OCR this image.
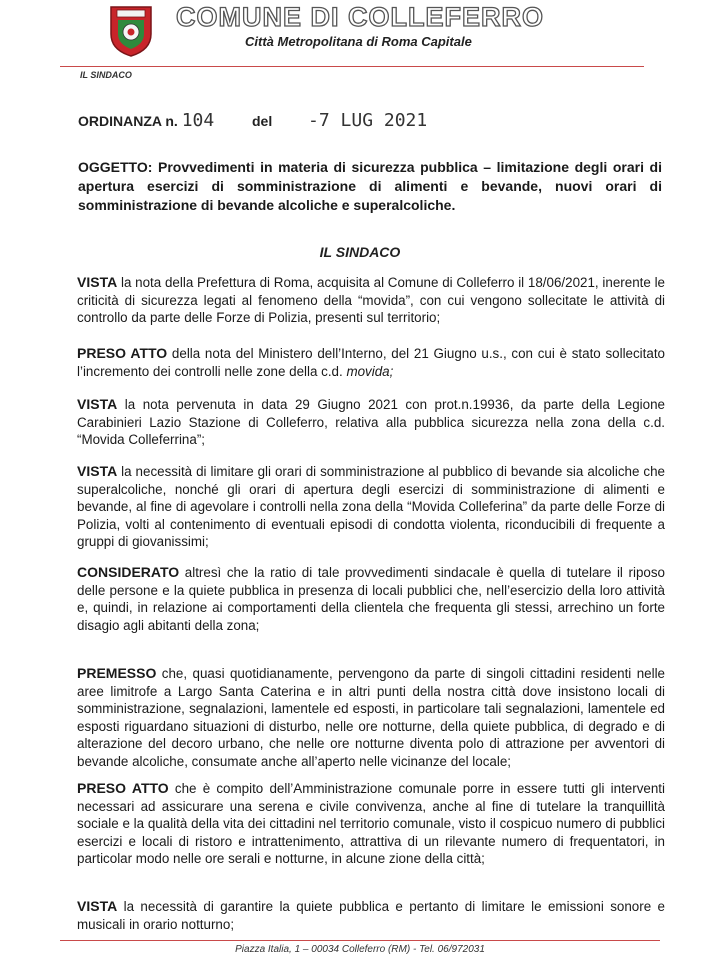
COMUNE DI COLLEFERRO
Città Metropolitana di Roma Capitale
IL SINDACO
ORDINANZA n. 104	del -7 LUG 2021
OGGETTO: Provvedimenti in materia di sicurezza pubblica – limitazione degli orari di apertura esercizi di somministrazione di alimenti e bevande, nuovi orari di somministrazione di bevande alcoliche e superalcoliche.
IL SINDACO
VISTA la nota della Prefettura di Roma, acquisita al Comune di Colleferro il 18/06/2021, inerente le criticità di sicurezza legati al fenomeno della “movida”, con cui vengono sollecitate le attività di controllo da parte delle Forze di Polizia, presenti sul territorio;
PRESO ATTO della nota del Ministero dell’Interno, del 21 Giugno u.s., con cui è stato sollecitato l’incremento dei controlli nelle zone della c.d. movida;
VISTA la nota pervenuta in data 29 Giugno 2021 con prot.n.19936, da parte della Legione Carabinieri Lazio Stazione di Colleferro, relativa alla pubblica sicurezza nella zona della c.d. “Movida Colleferrina”;
VISTA la necessità di limitare gli orari di somministrazione al pubblico di bevande sia alcoliche che superalcoliche, nonché gli orari di apertura degli esercizi di somministrazione di alimenti e bevande, al fine di agevolare i controlli nella zona della “Movida Colleferina” da parte delle Forze di Polizia, volti al contenimento di eventuali episodi di condotta violenta, riconducibili di frequente a gruppi di giovanissimi;
CONSIDERATO altresì che la ratio di tale provvedimenti sindacale è quella di tutelare il riposo delle persone e la quiete pubblica in presenza di locali pubblici che, nell’esercizio della loro attività e, quindi, in relazione ai comportamenti della clientela che frequenta gli stessi, arrechino un forte disagio agli abitanti della zona;
PREMESSO che, quasi quotidianamente, pervengono da parte di singoli cittadini residenti nelle aree limitrofe a Largo Santa Caterina e in altri punti della nostra città dove insistono locali di somministrazione, segnalazioni, lamentele ed esposti, in particolare tali segnalazioni, lamentele ed esposti riguardano situazioni di disturbo, nelle ore notturne, della quiete pubblica, di degrado e di alterazione del decoro urbano, che nelle ore notturne diventa polo di attrazione per avventori di bevande alcoliche, consumate anche all’aperto nelle vicinanze del locale;
PRESO ATTO che è compito dell’Amministrazione comunale porre in essere tutti gli interventi necessari ad assicurare una serena e civile convivenza, anche al fine di tutelare la tranquillità sociale e la qualità della vita dei cittadini nel territorio comunale, visto il cospicuo numero di pubblici esercizi e locali di ristoro e intrattenimento, attrattiva di un rilevante numero di frequentatori, in particolar modo nelle ore serali e notturne, in alcune zione della città;
VISTA la necessità di garantire la quiete pubblica e pertanto di limitare le emissioni sonore e musicali in orario notturno;
Piazza Italia, 1 – 00034 Colleferro (RM) - Tel. 06/972031
